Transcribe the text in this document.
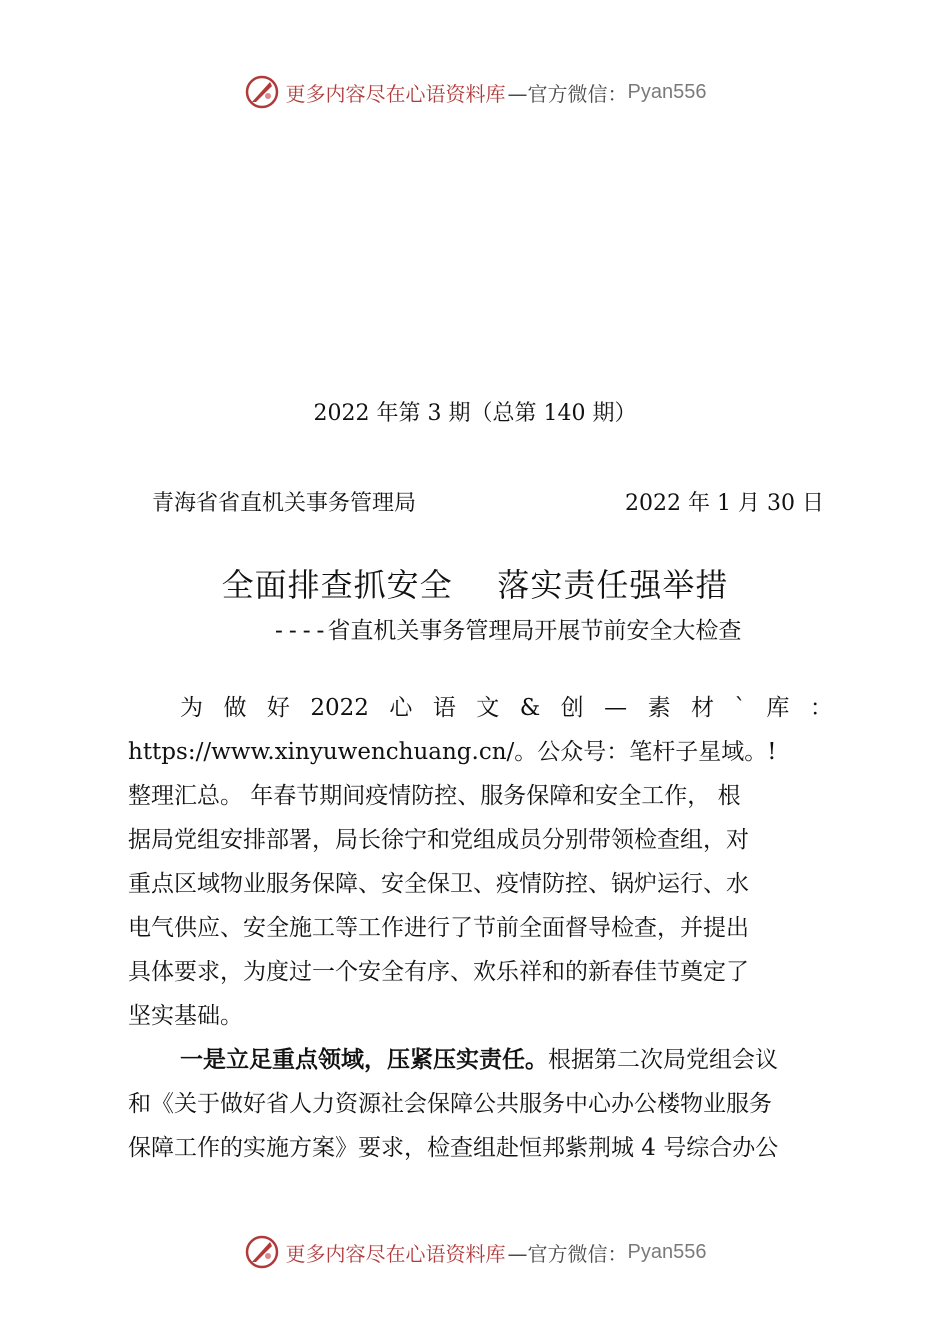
更多内容尽在心语资料库 —官方微信： Pyan556
2022 年第 3 期（总第 140 期）
青海省省直机关事务管理局	2022 年 1 月 30 日
全面排查抓安全    落实责任强举措
----省直机关事务管理局开展节前安全大检查
为 做 好 2022 心 语 文 & 创 — 素 材 ` 库 ：
https://www.xinyuwenchuang.cn/。公众号：笔杆子星域。!
整理汇总。 年春节期间疫情防控、服务保障和安全工作， 根
据局党组安排部署，局长徐宁和党组成员分别带领检查组，对
重点区域物业服务保障、安全保卫、疫情防控、锅炉运行、水
电气供应、安全施工等工作进行了节前全面督导检查，并提出
具体要求，为度过一个安全有序、欢乐祥和的新春佳节奠定了
坚实基础。
一是立足重点领域，压紧压实责任。根据第二次局党组会议
和《关于做好省人力资源社会保障公共服务中心办公楼物业服务
保障工作的实施方案》要求，检查组赴恒邦紫荆城 4 号综合办公
更多内容尽在心语资料库 —官方微信： Pyan556
